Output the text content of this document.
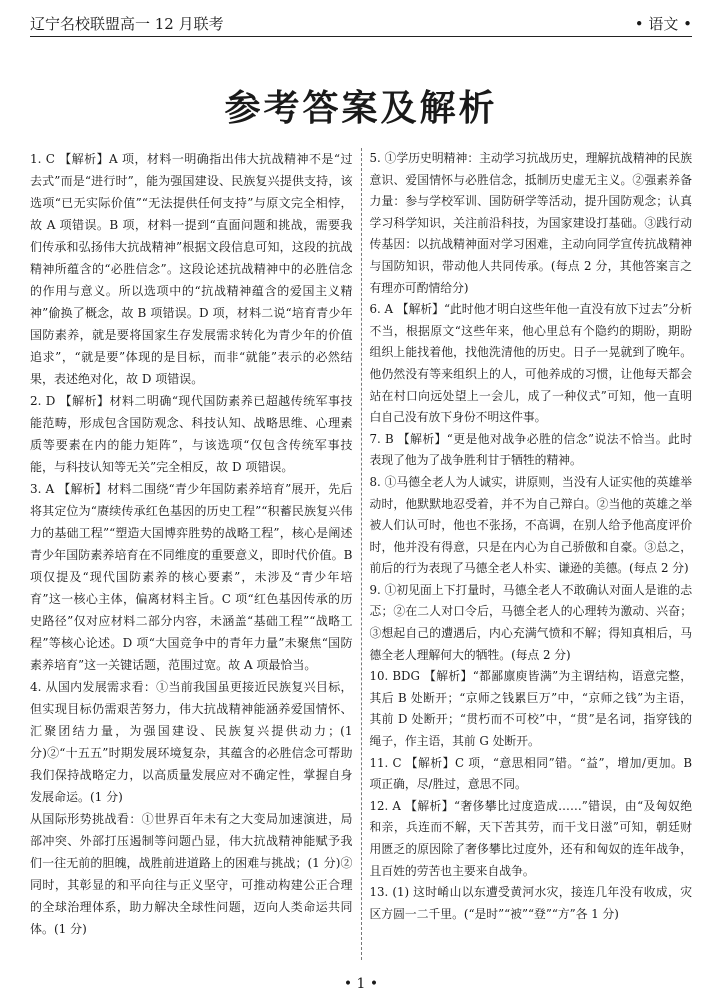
辽宁名校联盟高一 12 月联考	• 语文 •
参考答案及解析

1. C 【解析】A 项，材料一明确指出伟大抗战精神不是“过去式”而是“进行时”，能为强国建设、民族复兴提供支持，该选项“已无实际价值”“无法提供任何支持”与原文完全相悖，故 A 项错误。B 项，材料一提到“直面问题和挑战，需要我们传承和弘扬伟大抗战精神”根据文段信息可知，这段的抗战精神所蕴含的“必胜信念”。这段论述抗战精神中的必胜信念的作用与意义。所以选项中的“抗战精神蕴含的爱国主义精神”偷换了概念，故 B 项错误。D 项，材料二说“培育青少年国防素养，就是要将国家生存发展需求转化为青少年的价值追求”，“就是要”体现的是目标，而非“就能”表示的必然结果，表述绝对化，故 D 项错误。

2. D 【解析】材料二明确“现代国防素养已超越传统军事技能范畴，形成包含国防观念、科技认知、战略思维、心理素质等要素在内的能力矩阵”，与该选项“仅包含传统军事技能，与科技认知等无关”完全相反，故 D 项错误。

3. A 【解析】材料二围绕“青少年国防素养培育”展开，先后将其定位为“赓续传承红色基因的历史工程”“积蓄民族复兴伟力的基础工程”“塑造大国博弈胜势的战略工程”，核心是阐述青少年国防素养培育在不同维度的重要意义，即时代价值。B 项仅提及“现代国防素养的核心要素”，未涉及“青少年培育”这一核心主体，偏离材料主旨。C 项“红色基因传承的历史路径”仅对应材料二部分内容，未涵盖“基础工程”“战略工程”等核心论述。D 项“大国竞争中的青年力量”未聚焦“国防素养培育”这一关键话题，范围过宽。故 A 项最恰当。

4. 从国内发展需求看：①当前我国虽更接近民族复兴目标，但实现目标仍需艰苦努力，伟大抗战精神能涵养爱国情怀、汇聚团结力量，为强国建设、民族复兴提供动力；(1 分)②“十五五”时期发展环境复杂，其蕴含的必胜信念可帮助我们保持战略定力，以高质量发展应对不确定性，掌握自身发展命运。(1 分)

从国际形势挑战看：①世界百年未有之大变局加速演进，局部冲突、外部打压遏制等问题凸显，伟大抗战精神能赋予我们一往无前的胆魄，战胜前进道路上的困难与挑战；(1 分)②同时，其彰显的和平向往与正义坚守，可推动构建公正合理的全球治理体系，助力解决全球性问题，迈向人类命运共同体。(1 分)

5. ①学历史明精神：主动学习抗战历史，理解抗战精神的民族意识、爱国情怀与必胜信念，抵制历史虚无主义。②强素养备力量：参与学校军训、国防研学等活动，提升国防观念；认真学习科学知识，关注前沿科技，为国家建设打基础。③践行动传基因：以抗战精神面对学习困难，主动向同学宣传抗战精神与国防知识，带动他人共同传承。(每点 2 分，其他答案言之有理亦可酌情给分)

6. A 【解析】“此时他才明白这些年他一直没有放下过去”分析不当，根据原文“这些年来，他心里总有个隐约的期盼，期盼组织上能找着他，找他洗清他的历史。日子一晃就到了晚年。他仍然没有等来组织上的人，可他养成的习惯，让他每天都会站在村口向远处望上一会儿，成了一种仪式”可知，他一直明白自己没有放下身份不明这件事。

7. B 【解析】“更是他对战争必胜的信念”说法不恰当。此时表现了他为了战争胜利甘于牺牲的精神。

8. ①马德全老人为人诚实，讲原则，当没有人证实他的英雄举动时，他默默地忍受着，并不为自己辩白。②当他的英雄之举被人们认可时，他也不张扬，不高调，在别人给予他高度评价时，他并没有得意，只是在内心为自己骄傲和自豪。③总之，前后的行为表现了马德全老人朴实、谦逊的美德。(每点 2 分)

9. ①初见面上下打量时，马德全老人不敢确认对面人是谁的忐忑；②在二人对口令后，马德全老人的心理转为激动、兴奋；③想起自己的遭遇后，内心充满气愤和不解；得知真相后，马德全老人理解何大的牺牲。(每点 2 分)

10. BDG 【解析】“都鄙廪庾皆满”为主谓结构，语意完整，其后 B 处断开；“京师之钱累巨万”中，“京师之钱”为主语，其前 D 处断开；“贯朽而不可校”中，“贯”是名词，指穿钱的绳子，作主语，其前 G 处断开。

11. C 【解析】C 项，“意思相同”错。“益”，增加/更加。B 项正确，尽/胜过，意思不同。

12. A 【解析】“奢侈攀比过度造成……”错误，由“及匈奴绝和亲，兵连而不解，天下苦其劳，而干戈日滋”可知，朝廷财用匮乏的原因除了奢侈攀比过度外，还有和匈奴的连年战争，且百姓的劳苦也主要来自战争。

13. (1) 这时崤山以东遭受黄河水灾，接连几年没有收成，灾区方圆一二千里。(“是时”“被”“登”“方”各 1 分)

• 1 •
